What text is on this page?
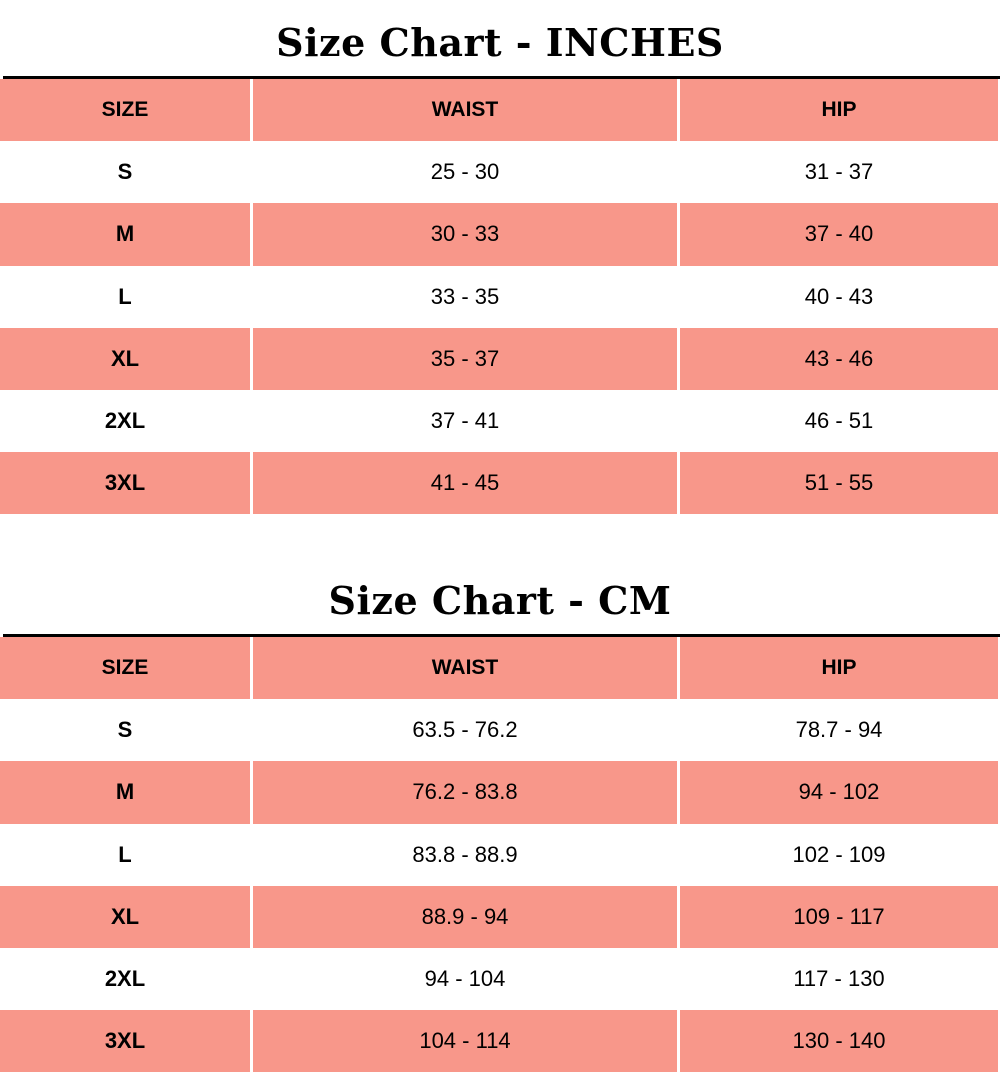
Size Chart - INCHES
SIZE	WAIST	HIP
S	25 - 30	31 - 37
M	30 - 33	37 - 40
L	33 - 35	40 - 43
XL	35 - 37	43 - 46
2XL	37 - 41	46 - 51
3XL	41 - 45	51 - 55
Size Chart - CM
SIZE	WAIST	HIP
S	63.5 - 76.2	78.7 - 94
M	76.2 - 83.8	94 - 102
L	83.8 - 88.9	102 - 109
XL	88.9 - 94	109 - 117
2XL	94 - 104	117 - 130
3XL	104 - 114	130 - 140
